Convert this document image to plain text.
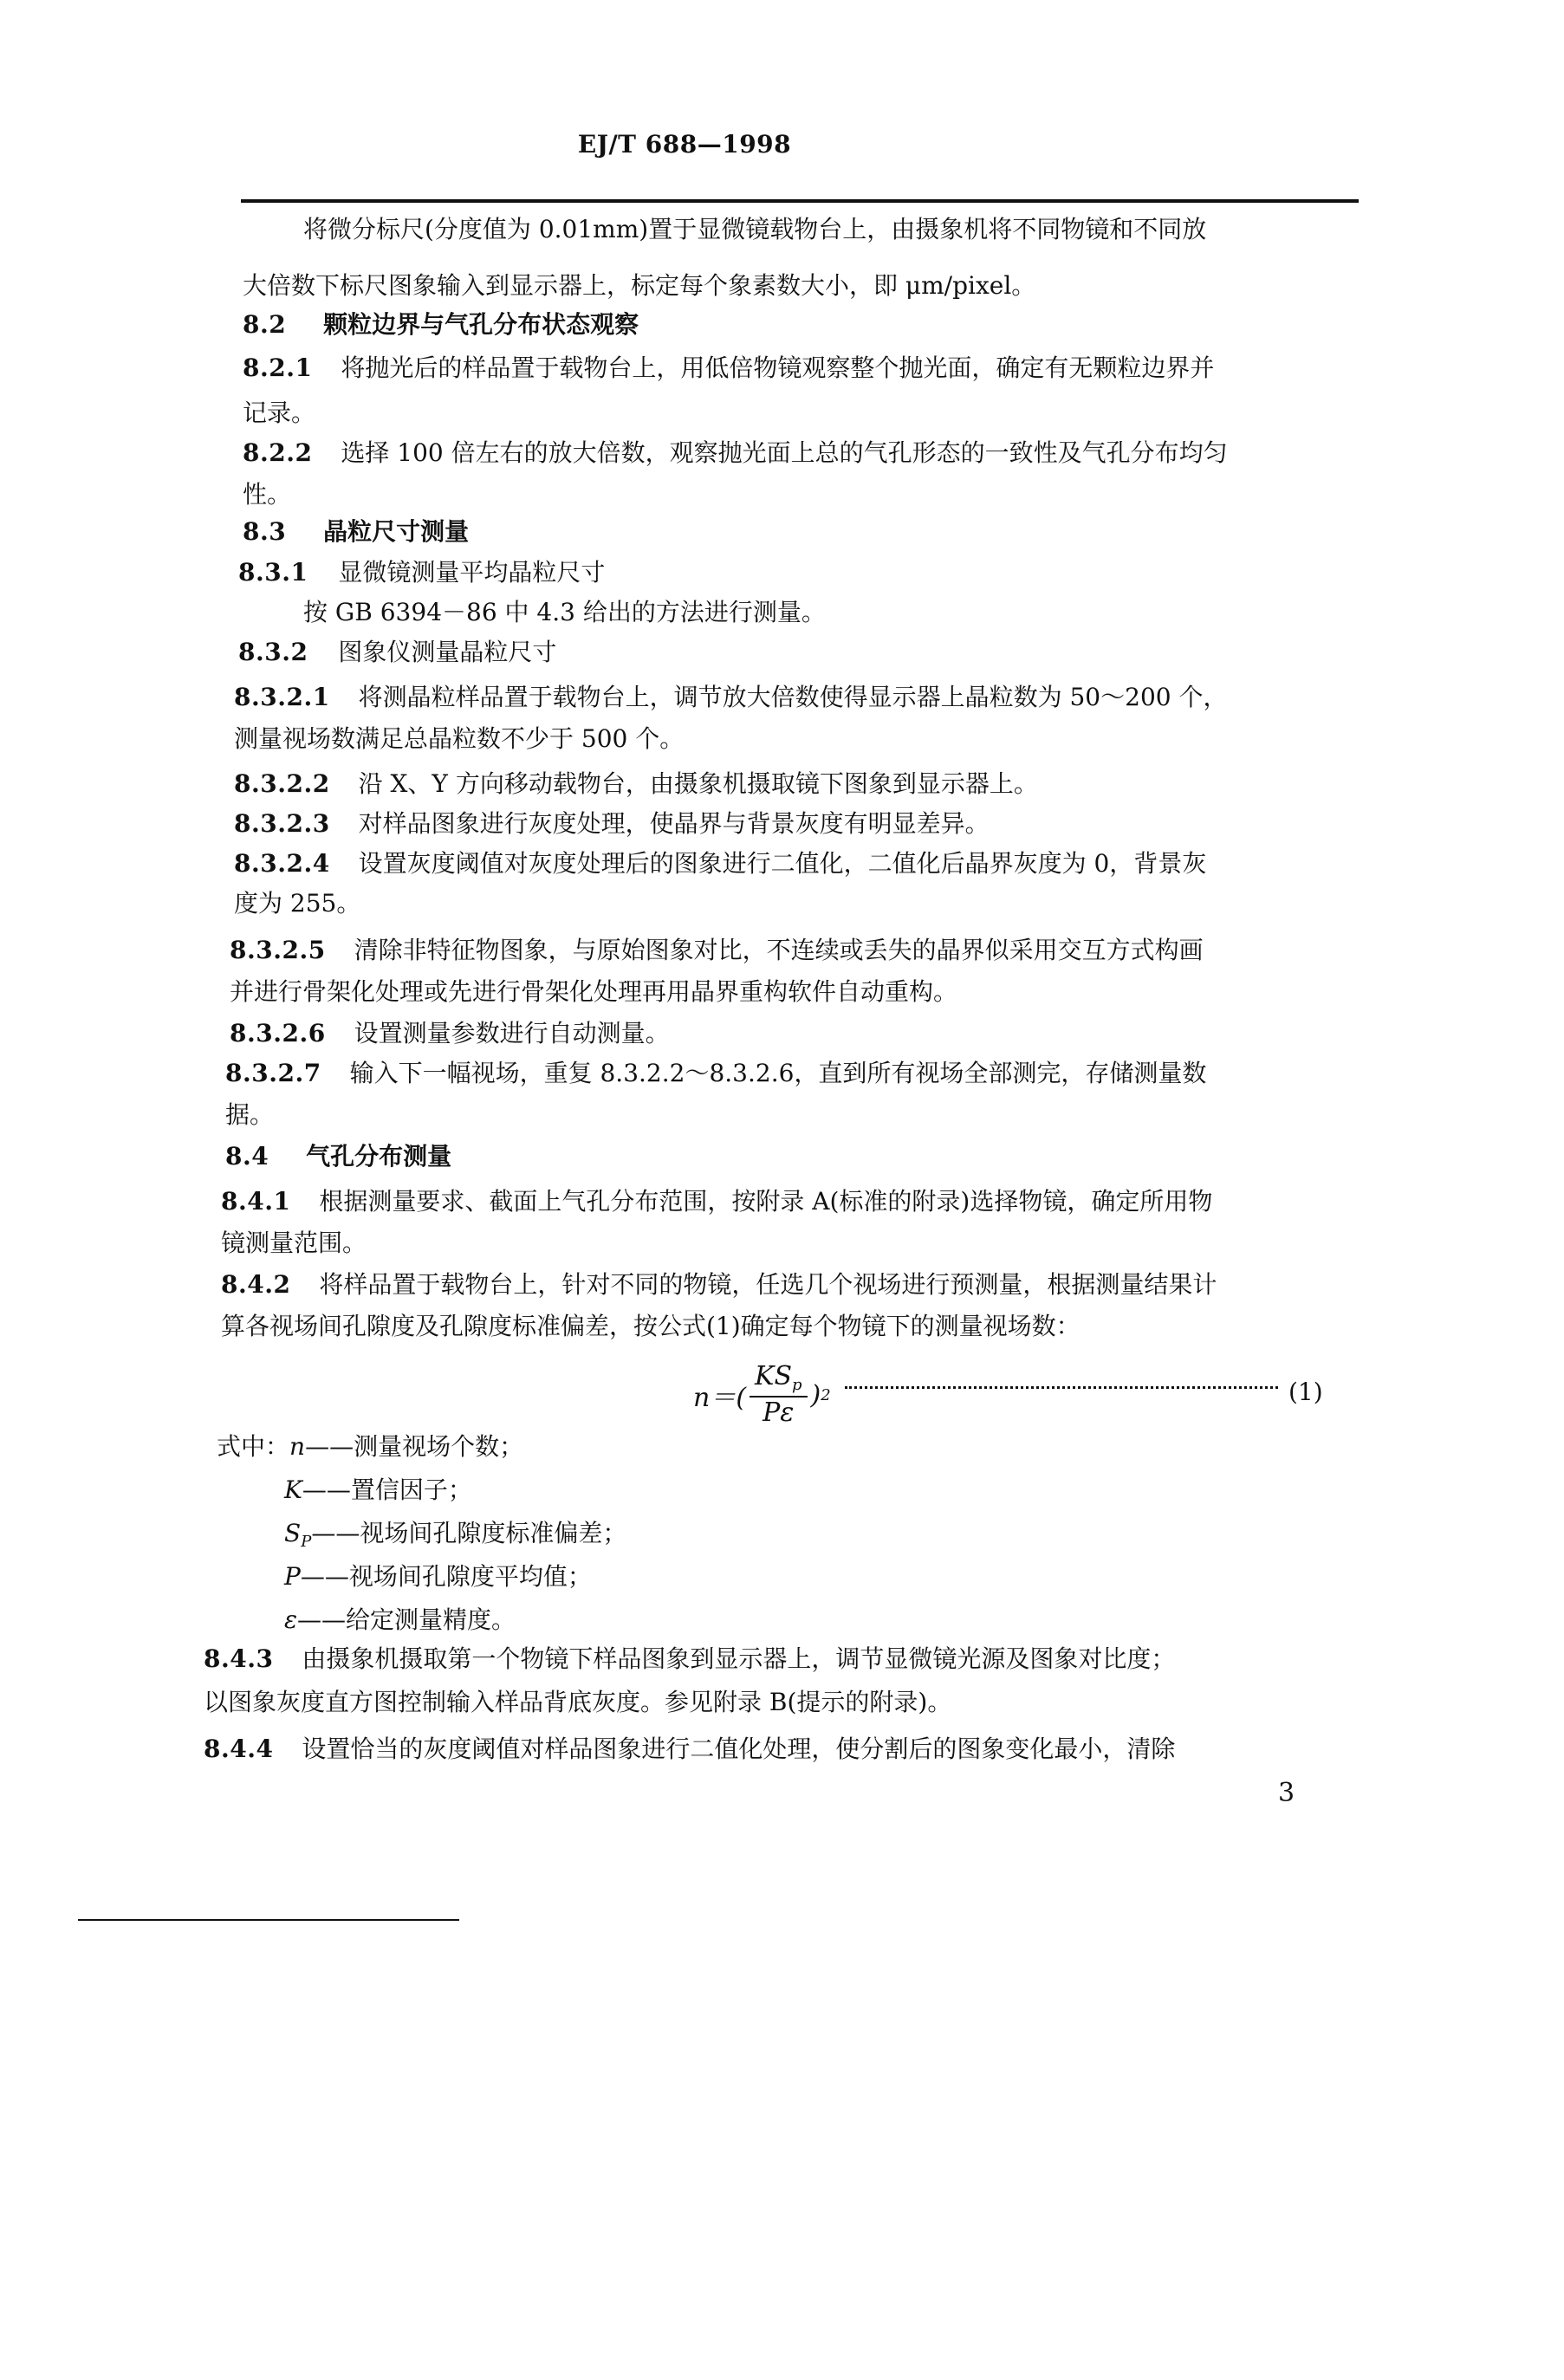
EJ/T 688—1998
将微分标尺(分度值为 0.01mm)置于显微镜载物台上，由摄象机将不同物镜和不同放
大倍数下标尺图象输入到显示器上，标定每个象素数大小，即 μm/pixel。
8.2 颗粒边界与气孔分布状态观察
8.2.1 将抛光后的样品置于载物台上，用低倍物镜观察整个抛光面，确定有无颗粒边界并
记录。
8.2.2 选择 100 倍左右的放大倍数，观察抛光面上总的气孔形态的一致性及气孔分布均匀
性。
8.3 晶粒尺寸测量
8.3.1 显微镜测量平均晶粒尺寸
按 GB 6394－86 中 4.3 给出的方法进行测量。
8.3.2 图象仪测量晶粒尺寸
8.3.2.1 将测晶粒样品置于载物台上，调节放大倍数使得显示器上晶粒数为 50～200 个，
测量视场数满足总晶粒数不少于 500 个。
8.3.2.2 沿 X、Y 方向移动载物台，由摄象机摄取镜下图象到显示器上。
8.3.2.3 对样品图象进行灰度处理，使晶界与背景灰度有明显差异。
8.3.2.4 设置灰度阈值对灰度处理后的图象进行二值化，二值化后晶界灰度为 0，背景灰
度为 255。
8.3.2.5 清除非特征物图象，与原始图象对比，不连续或丢失的晶界似采用交互方式构画
并进行骨架化处理或先进行骨架化处理再用晶界重构软件自动重构。
8.3.2.6 设置测量参数进行自动测量。
8.3.2.7 输入下一幅视场，重复 8.3.2.2～8.3.2.6，直到所有视场全部测完，存储测量数
据。
8.4 气孔分布测量
8.4.1 根据测量要求、截面上气孔分布范围，按附录 A(标准的附录)选择物镜，确定所用物
镜测量范围。
8.4.2 将样品置于载物台上，针对不同的物镜，任选几个视场进行预测量，根据测量结果计
算各视场间孔隙度及孔隙度标准偏差，按公式(1)确定每个物镜下的测量视场数：
$n=( \frac{KS_p}{P\varepsilon}$ ) 2	(1)
式中：n——测量视场个数；
K——置信因子；
$S_P——$视场间孔隙度标准偏差；
P——视场间孔隙度平均值；
ε——给定测量精度。
8.4.3 由摄象机摄取第一个物镜下样品图象到显示器上，调节显微镜光源及图象对比度；
以图象灰度直方图控制输入样品背底灰度。参见附录 B(提示的附录)。
8.4.4 设置恰当的灰度阈值对样品图象进行二值化处理，使分割后的图象变化最小，清除
3
